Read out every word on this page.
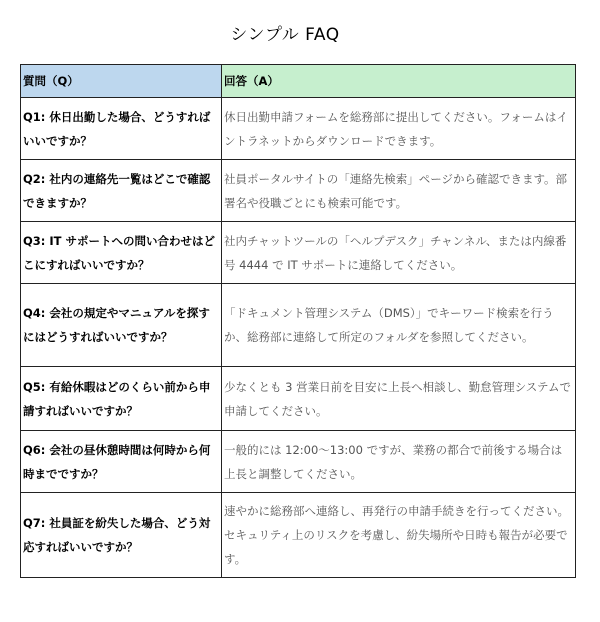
シンプル FAQ
質問（Q）	回答（A）
Q1: 休日出勤した場合、どうすればいいですか？	休日出勤申請フォームを総務部に提出してください。フォームはイントラネットからダウンロードできます。
Q2: 社内の連絡先一覧はどこで確認できますか？	社員ポータルサイトの「連絡先検索」ページから確認できます。部署名や役職ごとにも検索可能です。
Q3: IT サポートへの問い合わせはどこにすればいいですか？	社内チャットツールの「ヘルプデスク」チャンネル、または内線番号 4444 で IT サポートに連絡してください。
Q4: 会社の規定やマニュアルを探すにはどうすればいいですか？	「ドキュメント管理システム（DMS）」でキーワード検索を行うか、総務部に連絡して所定のフォルダを参照してください。
Q5: 有給休暇はどのくらい前から申請すればいいですか？	少なくとも 3 営業日前を目安に上長へ相談し、勤怠管理システムで申請してください。
Q6: 会社の昼休憩時間は何時から何時までですか？	一般的には 12:00～13:00 ですが、業務の都合で前後する場合は上長と調整してください。
Q7: 社員証を紛失した場合、どう対応すればいいですか？	速やかに総務部へ連絡し、再発行の申請手続きを行ってください。セキュリティ上のリスクを考慮し、紛失場所や日時も報告が必要です。
